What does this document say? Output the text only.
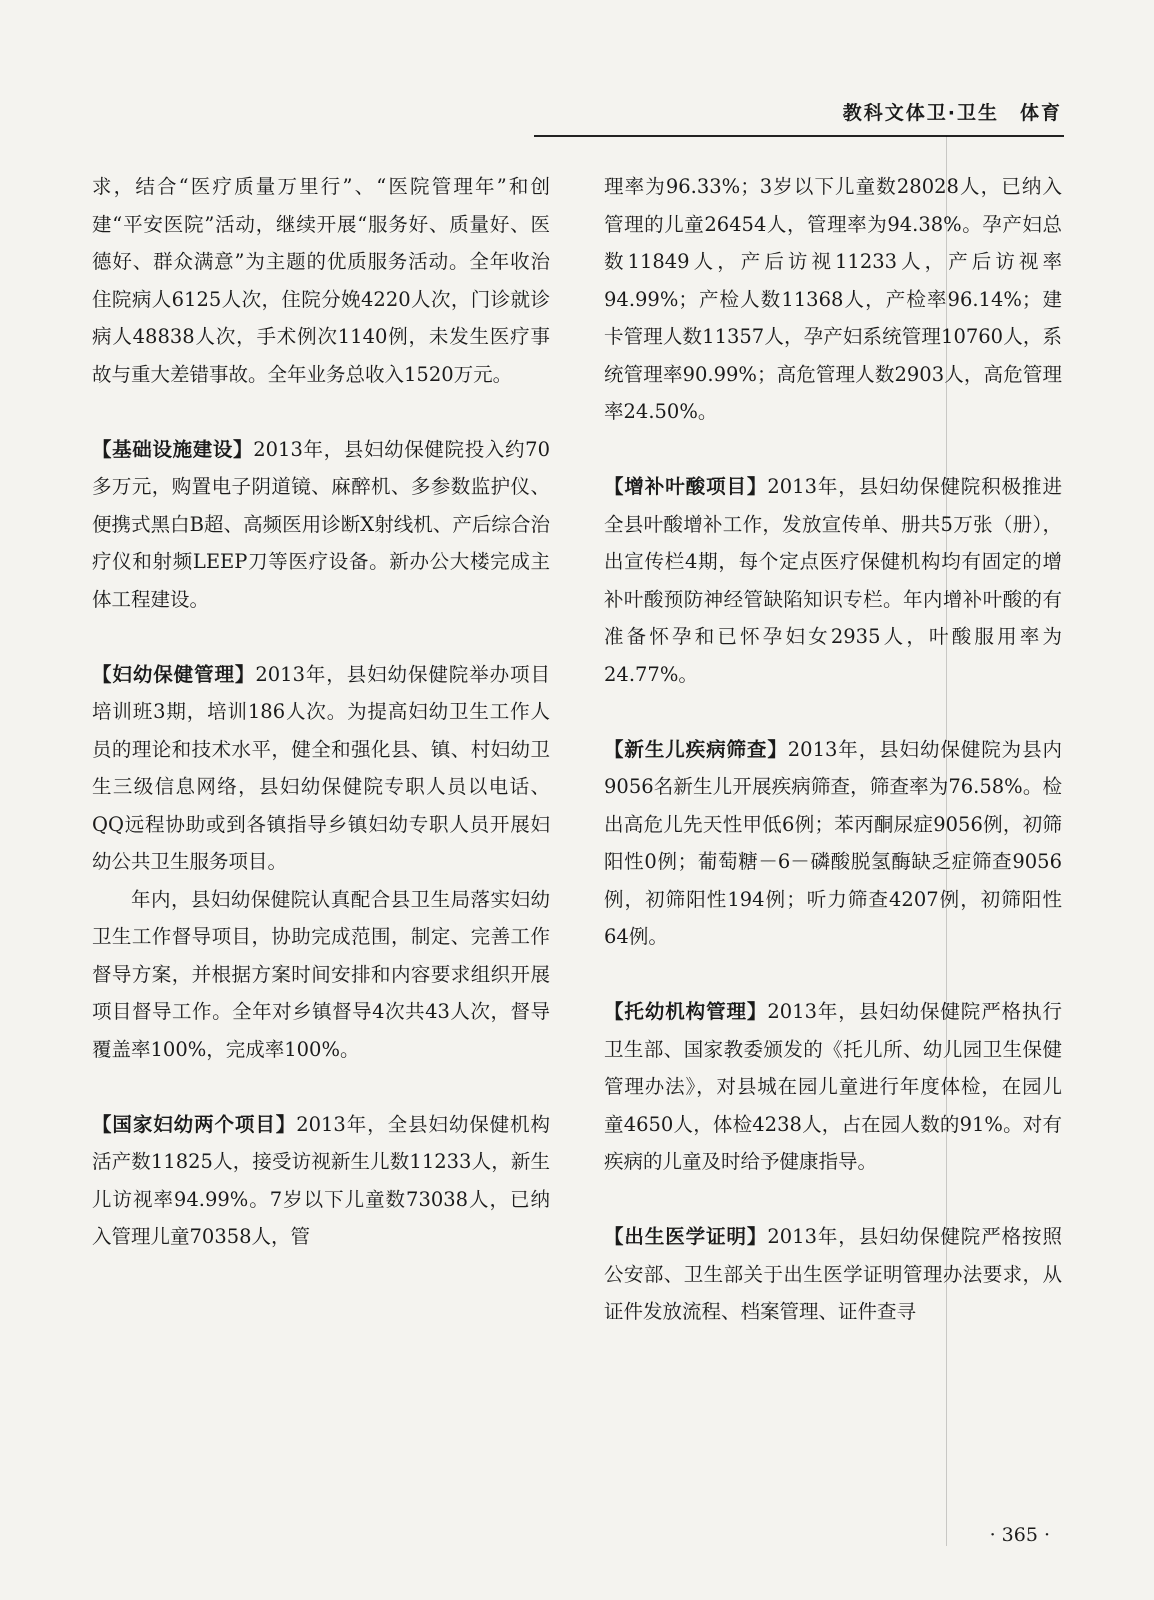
教科文体卫·卫生　体育

求，结合“医疗质量万里行”、“医院管理年”和创建“平安医院”活动，继续开展“服务好、质量好、医德好、群众满意”为主题的优质服务活动。全年收治住院病人6125人次，住院分娩4220人次，门诊就诊病人48838人次，手术例次1140例，未发生医疗事故与重大差错事故。全年业务总收入1520万元。

【基础设施建设】2013年，县妇幼保健院投入约70多万元，购置电子阴道镜、麻醉机、多参数监护仪、便携式黑白B超、高频医用诊断X射线机、产后综合治疗仪和射频LEEP刀等医疗设备。新办公大楼完成主体工程建设。

【妇幼保健管理】2013年，县妇幼保健院举办项目培训班3期，培训186人次。为提高妇幼卫生工作人员的理论和技术水平，健全和强化县、镇、村妇幼卫生三级信息网络，县妇幼保健院专职人员以电话、QQ远程协助或到各镇指导乡镇妇幼专职人员开展妇幼公共卫生服务项目。

年内，县妇幼保健院认真配合县卫生局落实妇幼卫生工作督导项目，协助完成范围，制定、完善工作督导方案，并根据方案时间安排和内容要求组织开展项目督导工作。全年对乡镇督导4次共43人次，督导覆盖率100%，完成率100%。

【国家妇幼两个项目】2013年，全县妇幼保健机构活产数11825人，接受访视新生儿数11233人，新生儿访视率94.99%。7岁以下儿童数73038人，已纳入管理儿童70358人，管

理率为96.33%；3岁以下儿童数28028人，已纳入管理的儿童26454人，管理率为94.38%。孕产妇总数11849人，产后访视11233人，产后访视率94.99%；产检人数11368人，产检率96.14%；建卡管理人数11357人，孕产妇系统管理10760人，系统管理率90.99%；高危管理人数2903人，高危管理率24.50%。

【增补叶酸项目】2013年，县妇幼保健院积极推进全县叶酸增补工作，发放宣传单、册共5万张（册），出宣传栏4期，每个定点医疗保健机构均有固定的增补叶酸预防神经管缺陷知识专栏。年内增补叶酸的有准备怀孕和已怀孕妇女2935人，叶酸服用率为24.77%。

【新生儿疾病筛查】2013年，县妇幼保健院为县内9056名新生儿开展疾病筛查，筛查率为76.58%。检出高危儿先天性甲低6例；苯丙酮尿症9056例，初筛阳性0例；葡萄糖－6－磷酸脱氢酶缺乏症筛查9056例，初筛阳性194例；听力筛查4207例，初筛阳性64例。

【托幼机构管理】2013年，县妇幼保健院严格执行卫生部、国家教委颁发的《托儿所、幼儿园卫生保健管理办法》，对县城在园儿童进行年度体检，在园儿童4650人，体检4238人，占在园人数的91%。对有疾病的儿童及时给予健康指导。

【出生医学证明】2013年，县妇幼保健院严格按照公安部、卫生部关于出生医学证明管理办法要求，从证件发放流程、档案管理、证件查寻

· 365 ·
